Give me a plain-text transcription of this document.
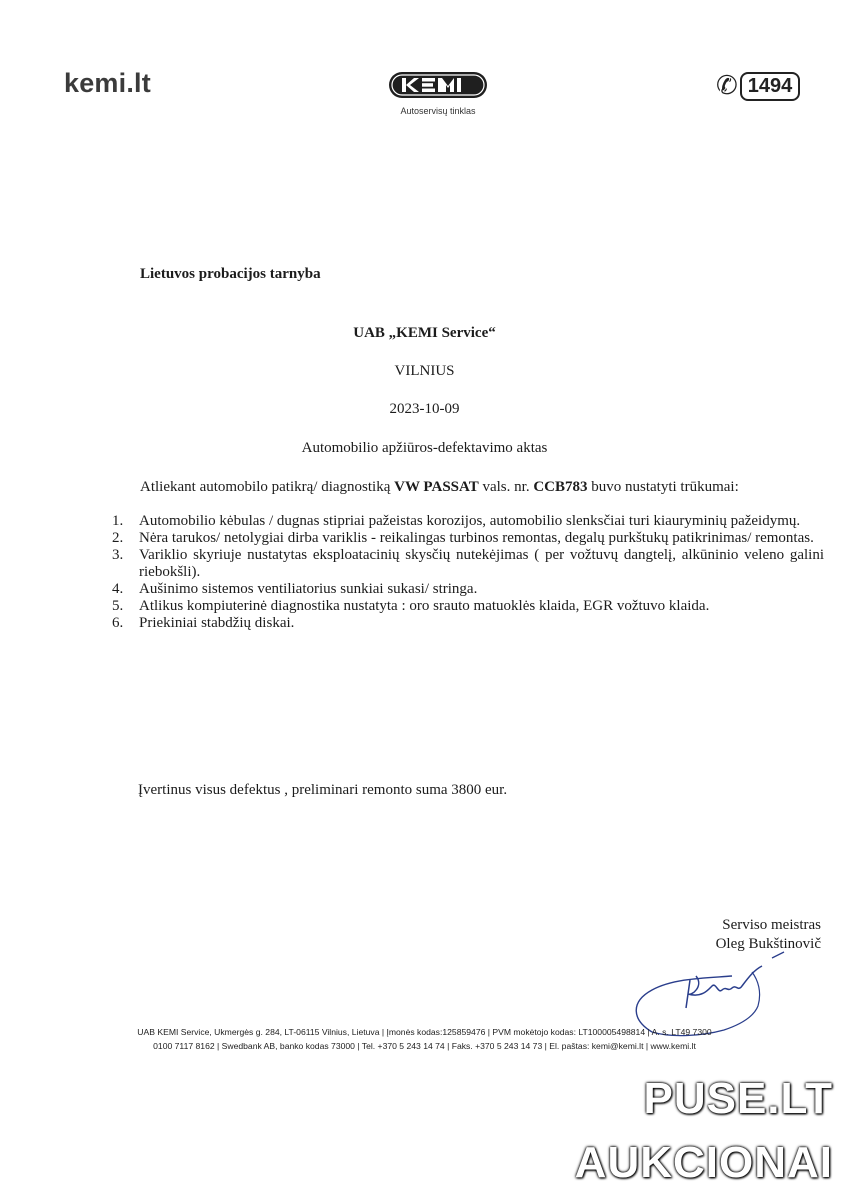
kemi.lt
Autoservisų tinklas
✆ 1494
Lietuvos probacijos tarnyba
UAB „KEMI Service“
VILNIUS
2023-10-09
Automobilio apžiūros-defektavimo aktas
Atliekant automobilo patikrą/ diagnostiką VW PASSAT vals. nr. CCB783 buvo nustatyti trūkumai:
1. Automobilio kėbulas / dugnas stipriai pažeistas korozijos, automobilio slenksčiai turi kiauryminių pažeidymų.
2. Nėra tarukos/ netolygiai dirba variklis - reikalingas turbinos remontas, degalų purkštukų patikrinimas/ remontas.
3. Variklio skyriuje nustatytas eksploatacinių skysčių nutekėjimas ( per vožtuvų dangtelį, alkūninio veleno galini riebokšli).
4. Aušinimo sistemos ventiliatorius sunkiai sukasi/ stringa.
5. Atlikus kompiuterinė diagnostika nustatyta : oro srauto matuoklės klaida, EGR vožtuvo klaida.
6. Priekiniai stabdžių diskai.
Įvertinus visus defektus , preliminari remonto suma 3800 eur.
Serviso meistras
Oleg Bukštinovič
UAB KEMI Service, Ukmergės g. 284, LT-06115 Vilnius, Lietuva | Įmonės kodas:125859476 | PVM mokėtojo kodas: LT100005498814 | A. s. LT49 7300
0100 7117 8162 | Swedbank AB, banko kodas 73000 | Tel. +370 5 243 14 74 | Faks. +370 5 243 14 73 | El. paštas: kemi@kemi.lt | www.kemi.lt
PUSE.LT
AUKCIONAI
